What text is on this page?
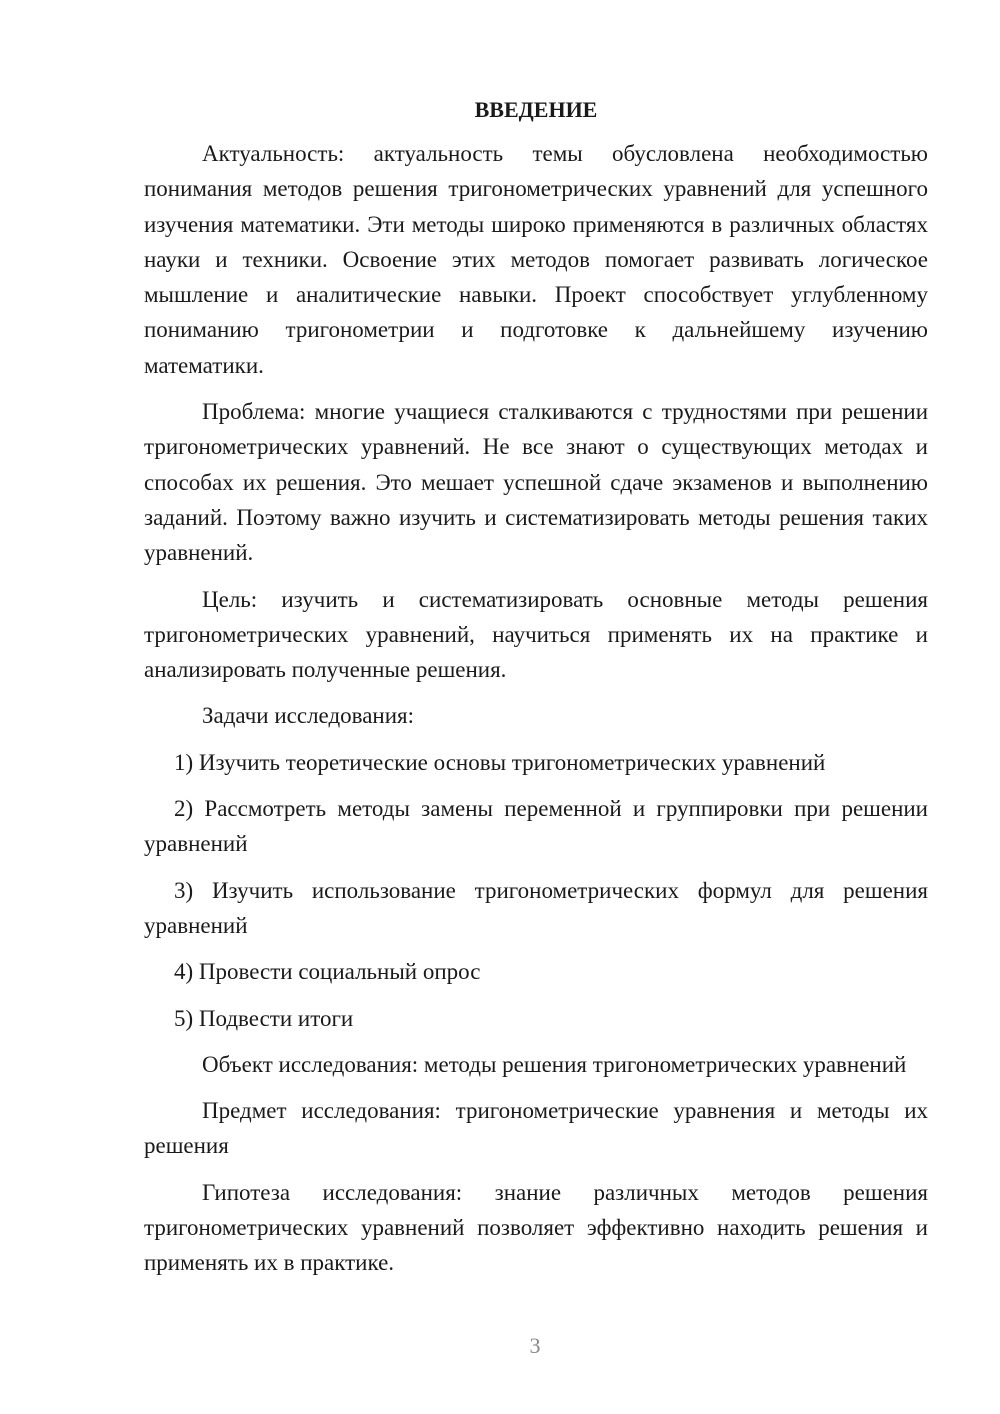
ВВЕДЕНИЕ

Актуальность: актуальность темы обусловлена необходимостью понимания методов решения тригонометрических уравнений для успешного изучения математики. Эти методы широко применяются в различных областях науки и техники. Освоение этих методов помогает развивать логическое мышление и аналитические навыки. Проект способствует углубленному пониманию тригонометрии и подготовке к дальнейшему изучению математики.

Проблема: многие учащиеся сталкиваются с трудностями при решении тригонометрических уравнений. Не все знают о существующих методах и способах их решения. Это мешает успешной сдаче экзаменов и выполнению заданий. Поэтому важно изучить и систематизировать методы решения таких уравнений.

Цель: изучить и систематизировать основные методы решения тригонометрических уравнений, научиться применять их на практике и анализировать полученные решения.

Задачи исследования:

1) Изучить теоретические основы тригонометрических уравнений

2) Рассмотреть методы замены переменной и группировки при решении уравнений

3) Изучить использование тригонометрических формул для решения уравнений

4) Провести социальный опрос

5) Подвести итоги

Объект исследования: методы решения тригонометрических уравнений

Предмет исследования: тригонометрические уравнения и методы их решения

Гипотеза исследования: знание различных методов решения тригонометрических уравнений позволяет эффективно находить решения и применять их в практике.

3
